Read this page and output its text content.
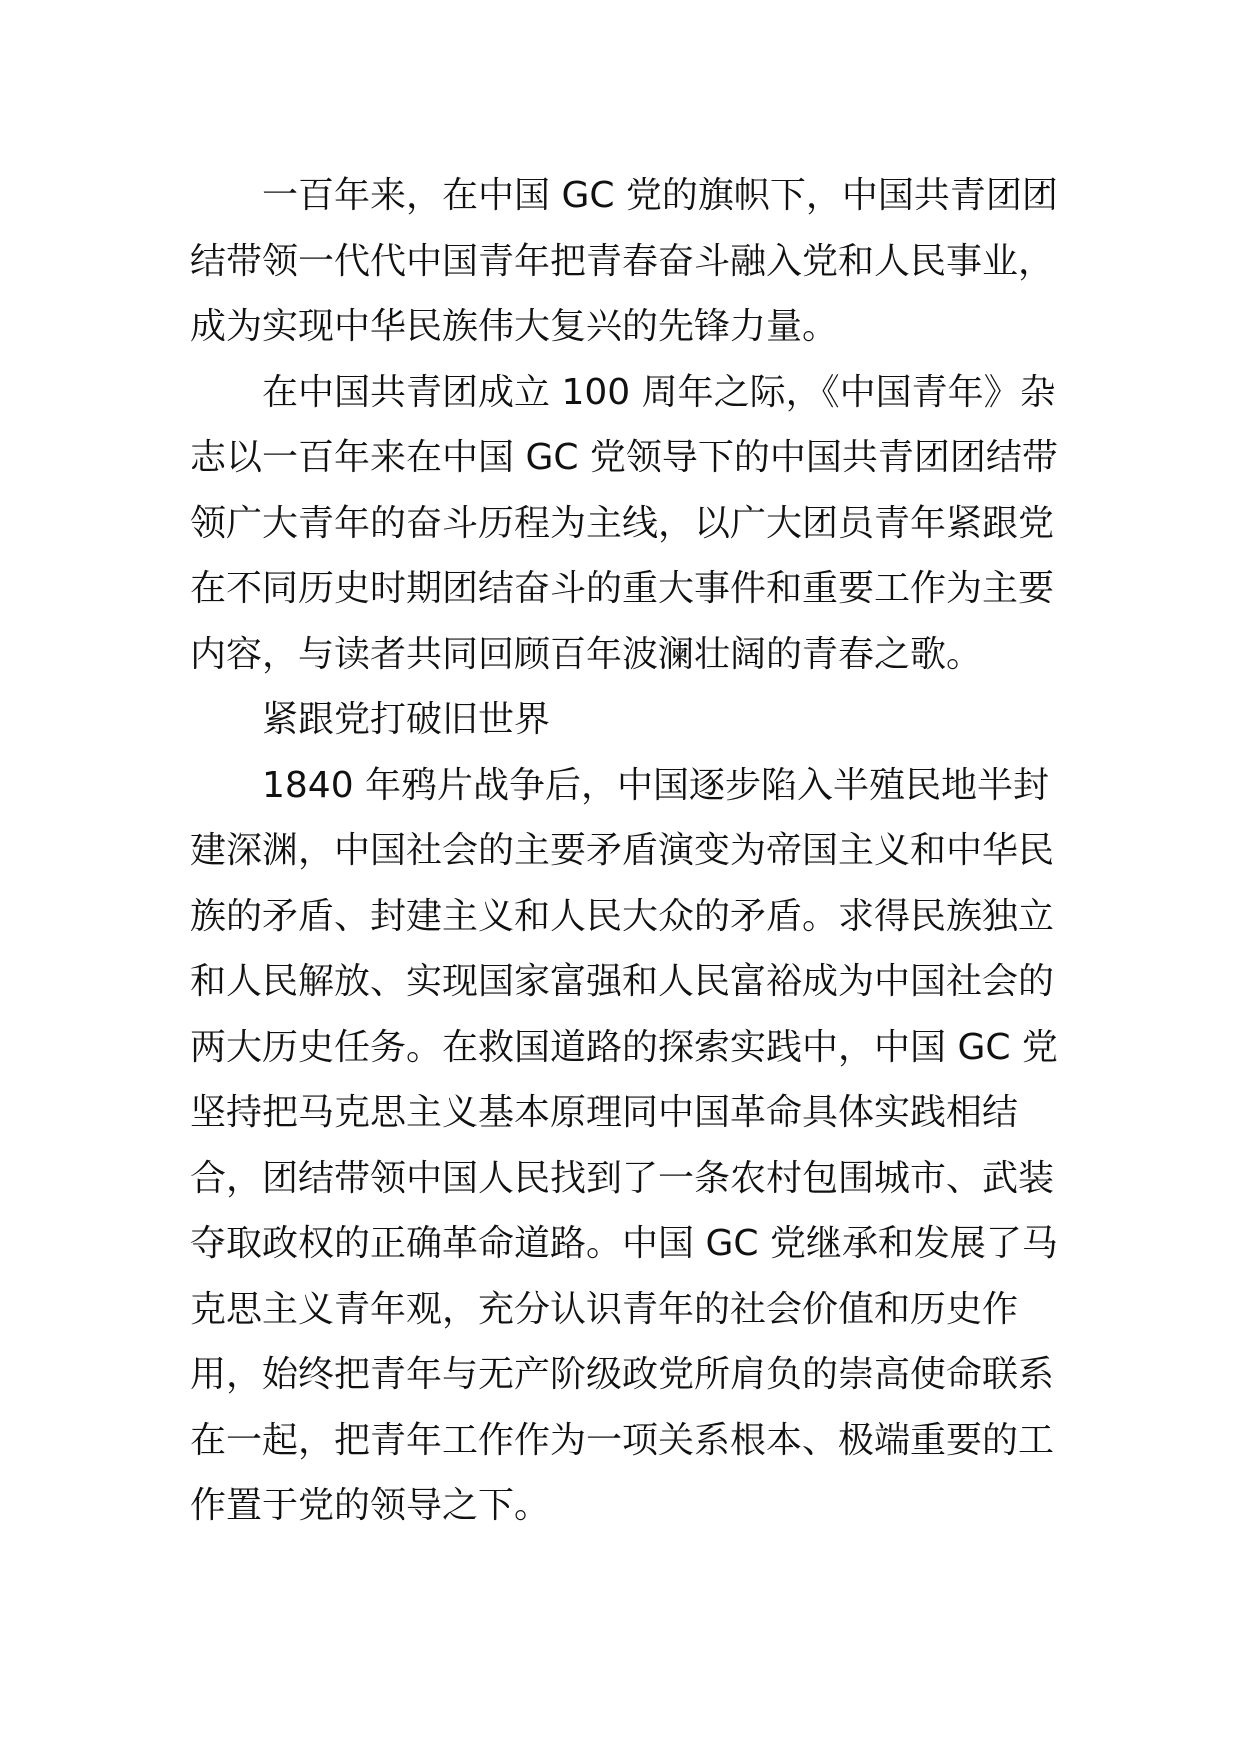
一百年来，在中国 GC 党的旗帜下，中国共青团团结带领一代代中国青年把青春奋斗融入党和人民事业，成为实现中华民族伟大复兴的先锋力量。

在中国共青团成立 100 周年之际，《中国青年》杂志以一百年来在中国 GC 党领导下的中国共青团团结带领广大青年的奋斗历程为主线，以广大团员青年紧跟党在不同历史时期团结奋斗的重大事件和重要工作为主要内容，与读者共同回顾百年波澜壮阔的青春之歌。

紧跟党打破旧世界

1840 年鸦片战争后，中国逐步陷入半殖民地半封建深渊，中国社会的主要矛盾演变为帝国主义和中华民族的矛盾、封建主义和人民大众的矛盾。求得民族独立和人民解放、实现国家富强和人民富裕成为中国社会的两大历史任务。在救国道路的探索实践中，中国 GC 党坚持把马克思主义基本原理同中国革命具体实践相结合，团结带领中国人民找到了一条农村包围城市、武装夺取政权的正确革命道路。中国 GC 党继承和发展了马克思主义青年观，充分认识青年的社会价值和历史作用，始终把青年与无产阶级政党所肩负的崇高使命联系在一起，把青年工作作为一项关系根本、极端重要的工作置于党的领导之下。
